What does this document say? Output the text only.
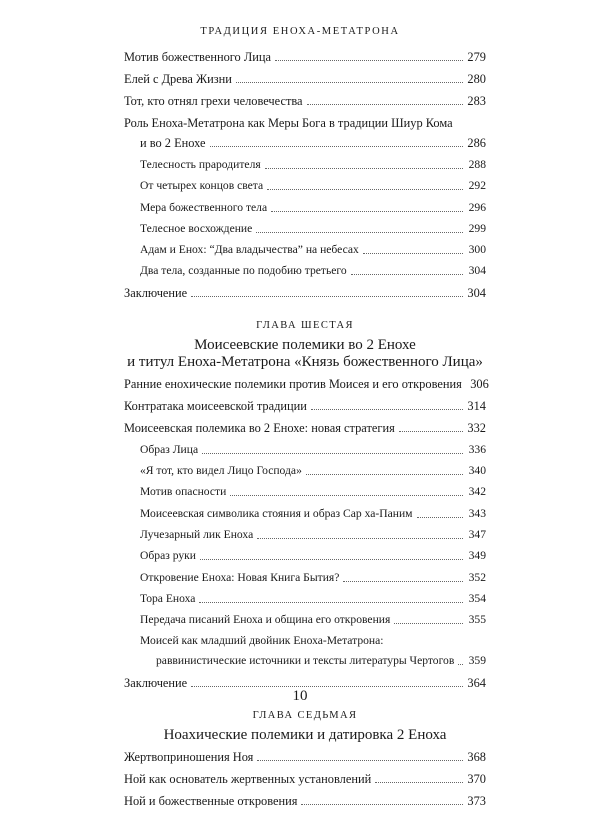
ТРАДИЦИЯ ЕНОХА-МЕТАТРОНА
Мотив божественного Лица	279
Елей с Древа Жизни	280
Тот, кто отнял грехи человечества	283
Роль Еноха-Метатрона как Меры Бога в традиции Шиур Кома
и во 2 Енохе	286
Телесность прародителя	288
От четырех концов света	292
Мера божественного тела	296
Телесное восхождение	299
Адам и Енох: “Два владычества” на небесах	300
Два тела, созданные по подобию третьего	304
Заключение	304
ГЛАВА ШЕСТАЯ
Моисеевские полемики во 2 Енохе
и титул Еноха-Метатрона «Князь божественного Лица»
Ранние енохические полемики против Моисея и его откровения 306
Контратака моисеевской традиции	314
Моисеевская полемика во 2 Енохе: новая стратегия	332
Образ Лица	336
«Я тот, кто видел Лицо Господа»	340
Мотив опасности	342
Моисеевская символика стояния и образ Сар ха-Паним	343
Лучезарный лик Еноха	347
Образ руки	349
Откровение Еноха: Новая Книга Бытия?	352
Тора Еноха	354
Передача писаний Еноха и община его откровения	355
Моисей как младший двойник Еноха-Метатрона:
раввинистические источники и тексты литературы Чертогов 359
Заключение	364
ГЛАВА СЕДЬМАЯ
Ноахические полемики и датировка 2 Еноха
Жертвоприношения Ноя	368
Ной как основатель жертвенных установлений	370
Ной и божественные откровения	373
10
